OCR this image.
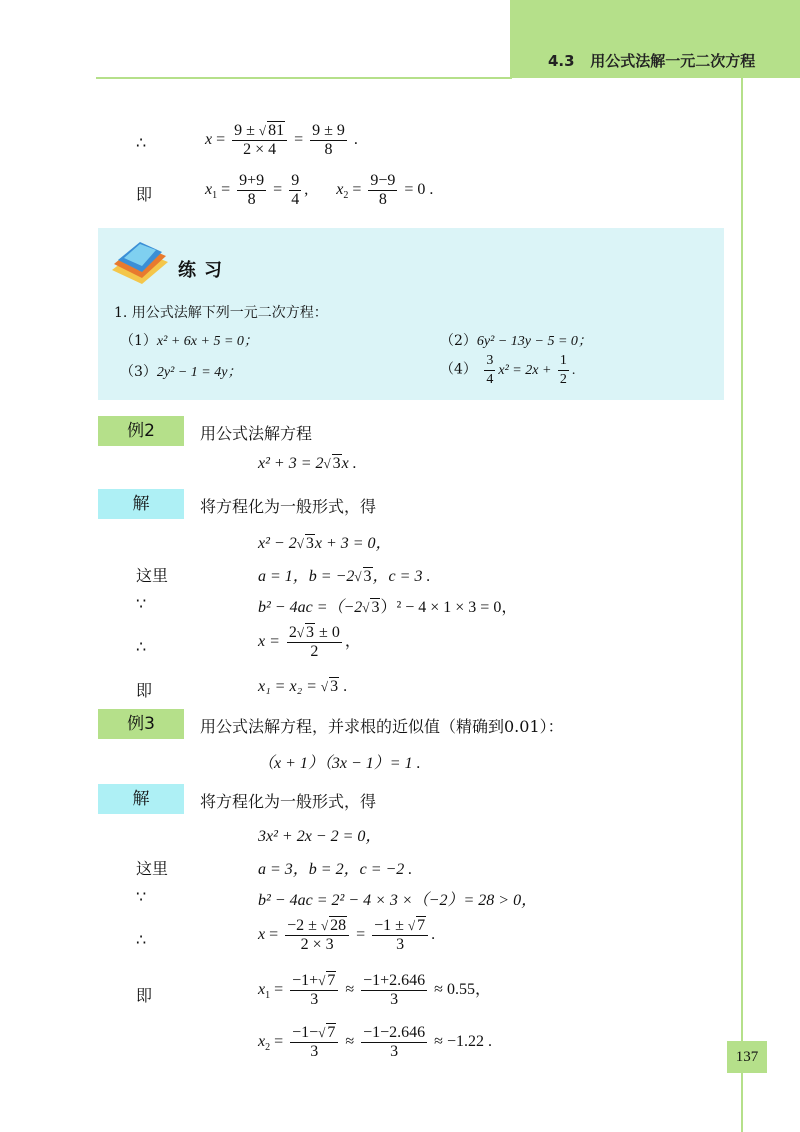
4.3 用公式法解一元二次方程
137
∴	$x = \frac{9 \pm √ 81}{2 \times 4} = \frac{9 \pm 9}{8}$ .
即	$x_1 = \frac{9+9}{8} = \frac{9}{4}$ , $x_2 = \frac{9-9}{8} = 0$ .
练习
1. 用公式法解下列一元二次方程：
（1）x² + 6x + 5 = 0；	（2）6y² − 13y − 5 = 0；
（3）2y² − 1 = 4y；	$(4) \frac{3}{4} x^2 = 2x + \frac{1}{2}$ .
例2	用公式法解方程
x² + 3 = 2√ 3x .
解	将方程化为一般形式，得
x² − 2√ 3x + 3 = 0，
这里	a = 1，b = −2√ 3，c = 3 .
∵	b² − 4ac =（−2√ 3）² − 4 × 1 × 3 = 0，
∴	$x = \frac{2√ 3 \pm 0}{2}$ ，
即	x₁ = x₂ = √ 3 .
例3	用公式法解方程，并求根的近似值（精确到0.01）：
（x + 1）（3x − 1）= 1 .
解	将方程化为一般形式，得
3x² + 2x − 2 = 0，
这里	a = 3，b = 2，c = −2 .
∵	b² − 4ac = 2² − 4 × 3 ×（−2）= 28 > 0，
∴	$x = \frac{-2 \pm √ 28}{2 \times 3} = \frac{-1 \pm √ 7}{3}$ .
即	$x_1 = \frac{-1+√ 7}{3} \approx \frac{-1+2.646}{3} \approx 0.55$，
$x_2 = \frac{-1-√ 7}{3} \approx \frac{-1-2.646}{3} \approx -1.22$ .
